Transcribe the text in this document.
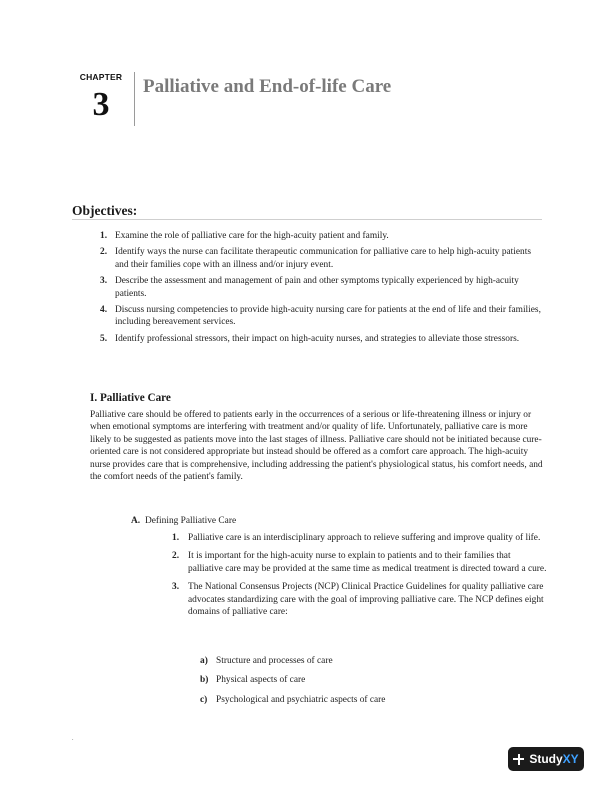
CHAPTER
3	Palliative and End-of-life Care
Objectives:
1. Examine the role of palliative care for the high-acuity patient and family.
2. Identify ways the nurse can facilitate therapeutic communication for palliative care to help high-acuity patients and their families cope with an illness and/or injury event.
3. Describe the assessment and management of pain and other symptoms typically experienced by high-acuity patients.
4. Discuss nursing competencies to provide high-acuity nursing care for patients at the end of life and their families, including bereavement services.
5. Identify professional stressors, their impact on high-acuity nurses, and strategies to alleviate those stressors.
I. Palliative Care
Palliative care should be offered to patients early in the occurrences of a serious or life-threatening illness or injury or when emotional symptoms are interfering with treatment and/or quality of life. Unfortunately, palliative care is more likely to be suggested as patients move into the last stages of illness. Palliative care should not be initiated because cure-oriented care is not considered appropriate but instead should be offered as a comfort care approach. The high-acuity nurse provides care that is comprehensive, including addressing the patient's physiological status, his comfort needs, and the comfort needs of the patient's family.
A. Defining Palliative Care
1. Palliative care is an interdisciplinary approach to relieve suffering and improve quality of life.
2. It is important for the high-acuity nurse to explain to patients and to their families that palliative care may be provided at the same time as medical treatment is directed toward a cure.
3. The National Consensus Projects (NCP) Clinical Practice Guidelines for quality palliative care advocates standardizing care with the goal of improving palliative care. The NCP defines eight domains of palliative care:
a) Structure and processes of care
b) Physical aspects of care
c) Psychological and psychiatric aspects of care
.
StudyXY
